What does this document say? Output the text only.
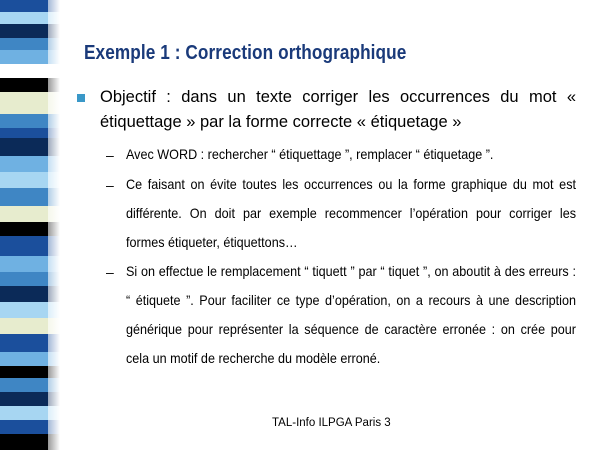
Exemple 1 : Correction orthographique
Objectif : dans un texte corriger les occurrences du mot « étiquettage » par la forme correcte « étiquetage »
– Avec WORD : rechercher “ étiquettage ”, remplacer “ étiquetage ”.
– Ce faisant on évite toutes les occurrences ou la forme graphique du mot est différente. On doit par exemple recommencer l’opération pour corriger les formes étiqueter, étiquettons…
– Si on effectue le remplacement “ tiquett ” par “ tiquet ”, on aboutit à des erreurs : “ étiquete ”. Pour faciliter ce type d’opération, on a recours à une description générique pour représenter la séquence de caractère erronée : on crée pour cela un motif de recherche du modèle erroné.
TAL-Info ILPGA Paris 3
